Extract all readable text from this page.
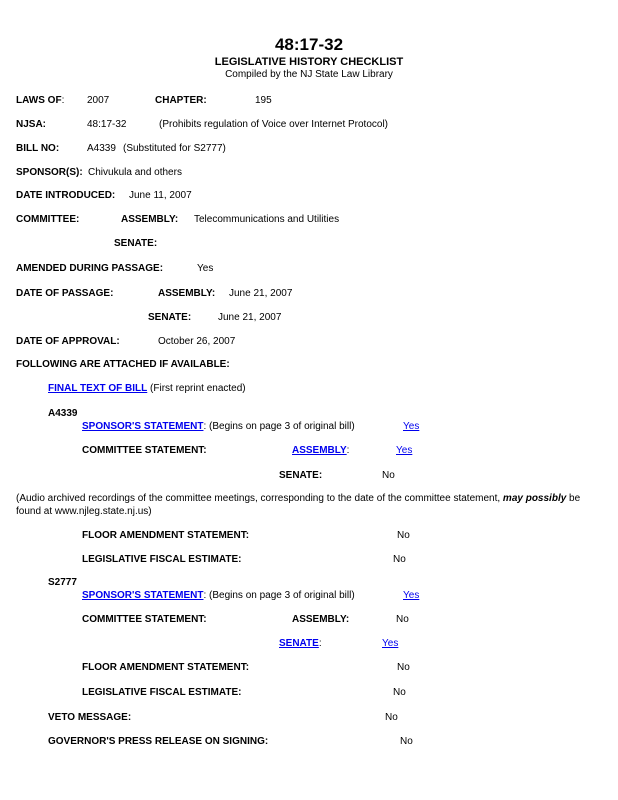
48:17-32
LEGISLATIVE HISTORY CHECKLIST
Compiled by the NJ State Law Library
LAWS OF: 2007	CHAPTER:	195
NJSA:	48:17-32	(Prohibits regulation of Voice over Internet Protocol)
BILL NO:	A4339 (Substituted for S2777)
SPONSOR(S): Chivukula and others
DATE INTRODUCED: June 11, 2007
COMMITTEE:	ASSEMBLY: Telecommunications and Utilities
SENATE:
AMENDED DURING PASSAGE:	Yes
DATE OF PASSAGE:	ASSEMBLY: June 21, 2007
SENATE:	June 21, 2007
DATE OF APPROVAL:	October 26, 2007
FOLLOWING ARE ATTACHED IF AVAILABLE:
FINAL TEXT OF BILL (First reprint enacted)
A4339
SPONSOR'S STATEMENT: (Begins on page 3 of original bill)	Yes
COMMITTEE STATEMENT:	ASSEMBLY:	Yes
SENATE:	No
(Audio archived recordings of the committee meetings, corresponding to the date of the committee statement, may possibly be found at www.njleg.state.nj.us)
FLOOR AMENDMENT STATEMENT:	No
LEGISLATIVE FISCAL ESTIMATE:	No
S2777
SPONSOR'S STATEMENT: (Begins on page 3 of original bill)	Yes
COMMITTEE STATEMENT:	ASSEMBLY:	No
SENATE:	Yes
FLOOR AMENDMENT STATEMENT:	No
LEGISLATIVE FISCAL ESTIMATE:	No
VETO MESSAGE:	No
GOVERNOR'S PRESS RELEASE ON SIGNING:	No
